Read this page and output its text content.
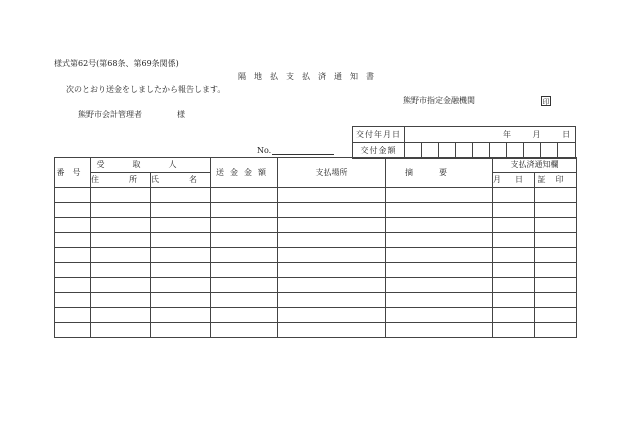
様式第62号(第68条、第69条関係)
隔地払支払済通知書
次のとおり送金をしましたから報告します。
熊野市指定金融機関	印
熊野市会計管理者	様
No.
交付年月日	年 月 日									
交付金額										
番号	受取人		送金金額	支払場所	摘要	支払済通知欄	
	住所	氏名				月日	証印
